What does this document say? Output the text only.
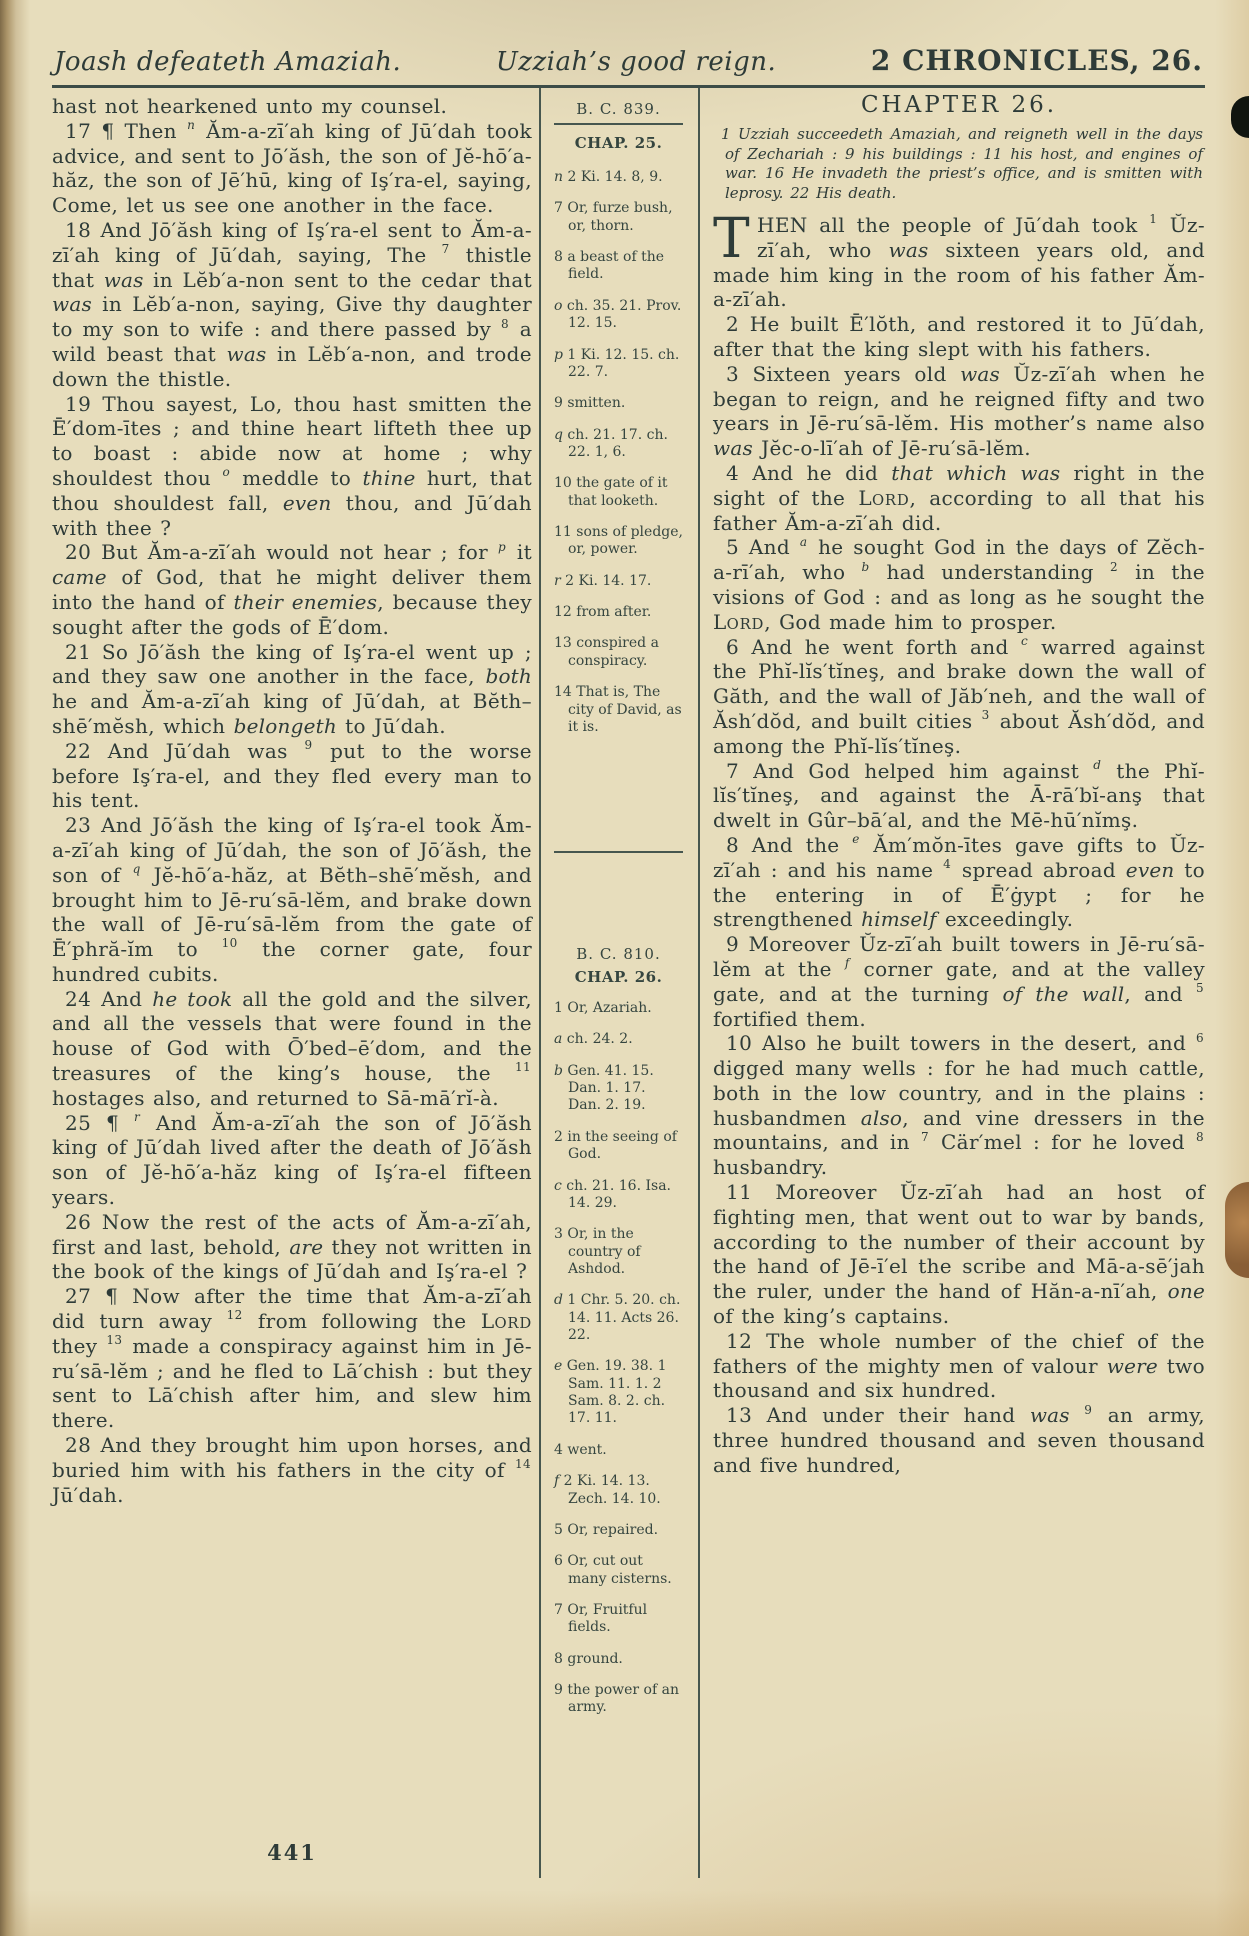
Joash defeateth Amaziah.	Uzziah’s good reign.	2 CHRONICLES, 26.

hast not hearkened unto my counsel.

17 ¶ Then $^n$ Ăm-a-zī′ah king of Jū′dah took advice, and sent to Jō′ăsh, the son of Jĕ-hō′a-hăz, the son of Jē′hū, king of Iş′ra-el, saying, Come, let us see one another in the face.

18 And Jō′ăsh king of Iş′ra-el sent to Ăm-a-zī′ah king of Jū′dah, saying, The $^7$ thistle that was in Lĕb′a-non sent to the cedar that was in Lĕb′a-non, saying, Give thy daughter to my son to wife : and there passed by $^8$ a wild beast that was in Lĕb′a-non, and trode down the thistle.

19 Thou sayest, Lo, thou hast smitten the Ē′dom-ītes ; and thine heart lifteth thee up to boast : abide now at home ; why shouldest thou $^o$ meddle to thine hurt, that thou shouldest fall, even thou, and Jū′dah with thee ?

20 But Ăm-a-zī′ah would not hear ; for $^p$ it came of God, that he might deliver them into the hand of their enemies, because they sought after the gods of Ē′dom.

21 So Jō′ăsh the king of Iş′ra-el went up ; and they saw one another in the face, both he and Ăm-a-zī′ah king of Jū′dah, at Bĕth–shē′mĕsh, which belongeth to Jū′dah.

22 And Jū′dah was $^9$ put to the worse before Iş′ra-el, and they fled every man to his tent.

23 And Jō′ăsh the king of Iş′ra-el took Ăm-a-zī′ah king of Jū′dah, the son of Jō′ăsh, the son of $^q$ Jĕ-hō′a-hăz, at Bĕth–shē′mĕsh, and brought him to Jē-ru′sā-lĕm, and brake down the wall of Jē-ru′sā-lĕm from the gate of Ē′phră-ĭm to $^{10}$ the corner gate, four hundred cubits.

24 And he took all the gold and the silver, and all the vessels that were found in the house of God with Ō′bed–ē′dom, and the treasures of the king’s house, the $^{11}$ hostages also, and returned to Sā-mā′rĭ-à.

25 ¶ $^r$ And Ăm-a-zī′ah the son of Jō′ăsh king of Jū′dah lived after the death of Jō′ăsh son of Jĕ-hō′a-hăz king of Iş′ra-el fifteen years.

26 Now the rest of the acts of Ăm-a-zī′ah, first and last, behold, are they not written in the book of the kings of Jū′dah and Iş′ra-el ?

27 ¶ Now after the time that Ăm-a-zī′ah did turn away $^{12}$ from following the LORD they $^{13}$ made a conspiracy against him in Jē-ru′sā-lĕm ; and he fled to Lā′chish : but they sent to Lā′chish after him, and slew him there.

28 And they brought him upon horses, and buried him with his fathers in the city of $^{14}$ Jū′dah.

B. C. 839.
CHAP. 25.
n 2 Ki. 14. 8, 9.
7 Or, furze bush, or, thorn.
8 a beast of the field.
o ch. 35. 21. Prov. 12. 15.
p 1 Ki. 12. 15. ch. 22. 7.
9 smitten.
q ch. 21. 17. ch. 22. 1, 6.
10 the gate of it that looketh.
11 sons of pledge, or, power.
r 2 Ki. 14. 17.
12 from after.
13 conspired a conspiracy.
14 That is, The city of David, as it is.
B. C. 810.
CHAP. 26.
1 Or, Azariah.
a ch. 24. 2.
b Gen. 41. 15. Dan. 1. 17. Dan. 2. 19.
2 in the seeing of God.
c ch. 21. 16. Isa. 14. 29.
3 Or, in the country of Ashdod.
d 1 Chr. 5. 20. ch. 14. 11. Acts 26. 22.
e Gen. 19. 38. 1 Sam. 11. 1. 2 Sam. 8. 2. ch. 17. 11.
4 went.
f 2 Ki. 14. 13. Zech. 14. 10.
5 Or, repaired.
6 Or, cut out many cisterns.
7 Or, Fruitful fields.
8 ground.
9 the power of an army.
CHAPTER 26.

1 Uzziah succeedeth Amaziah, and reigneth well in the days of Zechariah : 9 his buildings : 11 his host, and engines of war. 16 He invadeth the priest’s office, and is smitten with leprosy. 22 His death.

THEN all the people of Jū′dah took $^1$ Ŭz-zī′ah, who was sixteen years old, and made him king in the room of his father Ăm-a-zī′ah.

2 He built Ē′lŏth, and restored it to Jū′dah, after that the king slept with his fathers.

3 Sixteen years old was Ŭz-zī′ah when he began to reign, and he reigned fifty and two years in Jē-ru′sā-lĕm. His mother’s name also was Jĕc-o-lī′ah of Jē-ru′sā-lĕm.

4 And he did that which was right in the sight of the LORD, according to all that his father Ăm-a-zī′ah did.

5 And $^a$ he sought God in the days of Zĕch-a-rī′ah, who $^b$ had understanding $^2$ in the visions of God : and as long as he sought the LORD, God made him to prosper.

6 And he went forth and $^c$ warred against the Phĭ-lĭs′tĭneş, and brake down the wall of Găth, and the wall of Jăb′neh, and the wall of Ăsh′dŏd, and built cities $^3$ about Ăsh′dŏd, and among the Phĭ-lĭs′tĭneş.

7 And God helped him against $^d$ the Phĭ-lĭs′tĭneş, and against the Ā-rā′bĭ-anş that dwelt in Gûr–bā′al, and the Mē-hū′nĭmş.

8 And the $^e$ Ăm′mŏn-ītes gave gifts to Ŭz-zī′ah : and his name $^4$ spread abroad even to the entering in of Ē′ġypt ; for he strengthened himself exceedingly.

9 Moreover Ŭz-zī′ah built towers in Jē-ru′sā-lĕm at the $^f$ corner gate, and at the valley gate, and at the turning of the wall, and $^5$ fortified them.

10 Also he built towers in the desert, and $^6$ digged many wells : for he had much cattle, both in the low country, and in the plains : husbandmen also, and vine dressers in the mountains, and in $^7$ Cär′mel : for he loved $^8$ husbandry.

11 Moreover Ŭz-zī′ah had an host of fighting men, that went out to war by bands, according to the number of their account by the hand of Jē-ī′el the scribe and Mā-a-sē′jah the ruler, under the hand of Hăn-a-nī′ah, one of the king’s captains.

12 The whole number of the chief of the fathers of the mighty men of valour were two thousand and six hundred.

13 And under their hand was $^9$ an army, three hundred thousand and seven thousand and five hundred,

441
